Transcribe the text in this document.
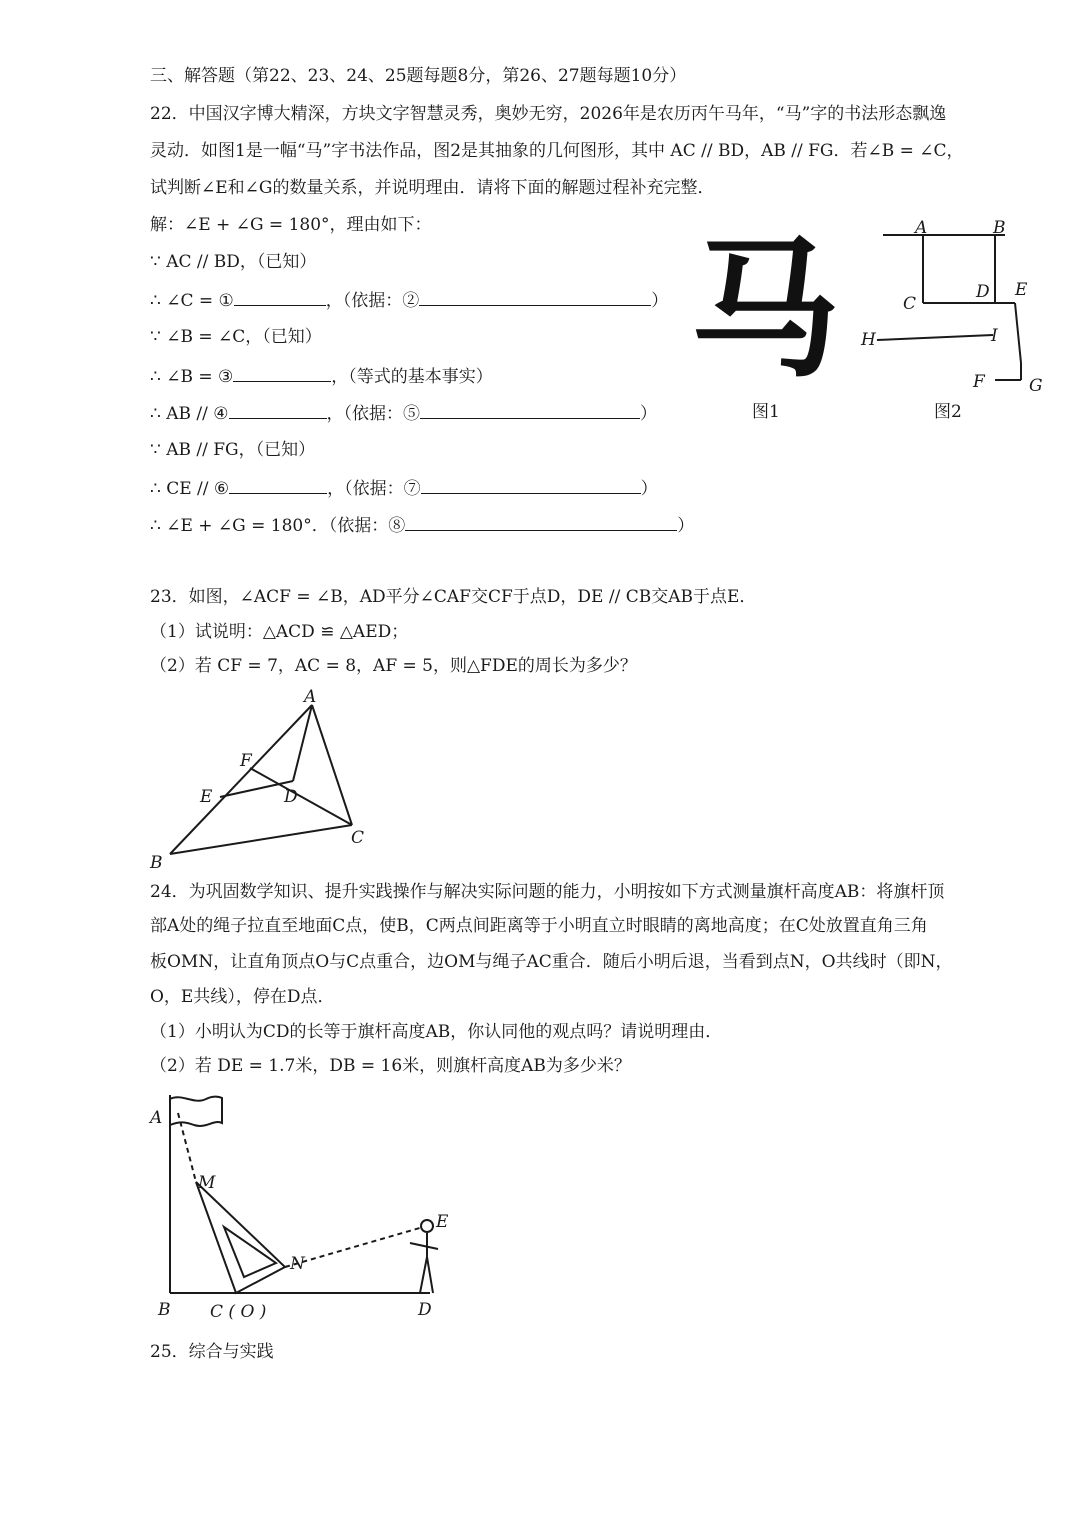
三、解答题（第22、23、24、25题每题8分，第26、27题每题10分）
22．中国汉字博大精深，方块文字智慧灵秀，奥妙无穷，2026年是农历丙午马年，“马”字的书法形态飘逸
灵动．如图1是一幅“马”字书法作品，图2是其抽象的几何图形，其中 AC // BD，AB // FG．若∠B = ∠C，
试判断∠E和∠G的数量关系，并说明理由．请将下面的解题过程补充完整．
解：∠E + ∠G = 180°，理由如下：
∵ AC // BD，（已知）
∴ ∠C = ①	，（依据：②	）
∵ ∠B = ∠C，（已知）
∴ ∠B = ③	，（等式的基本事实）
∴ AB // ④	，（依据：⑤	）
∵ AB // FG，（已知）
∴ CE // ⑥	，（依据：⑦	）
∴ ∠E + ∠G = 180°．（依据：⑧	）
马
图1
A	B
C
D E
H	I
F	G
图2
23．如图，∠ACF = ∠B，AD平分∠CAF交CF于点D，DE // CB交AB于点E．
（1）试说明：△ACD ≌ △AED；
（2）若 CF = 7，AC = 8，AF = 5，则△FDE的周长为多少？
A
F
E	D
C
B
24．为巩固数学知识、提升实践操作与解决实际问题的能力，小明按如下方式测量旗杆高度AB：将旗杆顶
部A处的绳子拉直至地面C点，使B，C两点间距离等于小明直立时眼睛的离地高度；在C处放置直角三角
板OMN，让直角顶点O与C点重合，边OM与绳子AC重合．随后小明后退，当看到点N，O共线时（即N，
O，E共线），停在D点．
（1）小明认为CD的长等于旗杆高度AB，你认同他的观点吗？请说明理由．
（2）若 DE = 1.7米，DB = 16米，则旗杆高度AB为多少米？
A
M
N
E
B C ( O )	D
25．综合与实践
